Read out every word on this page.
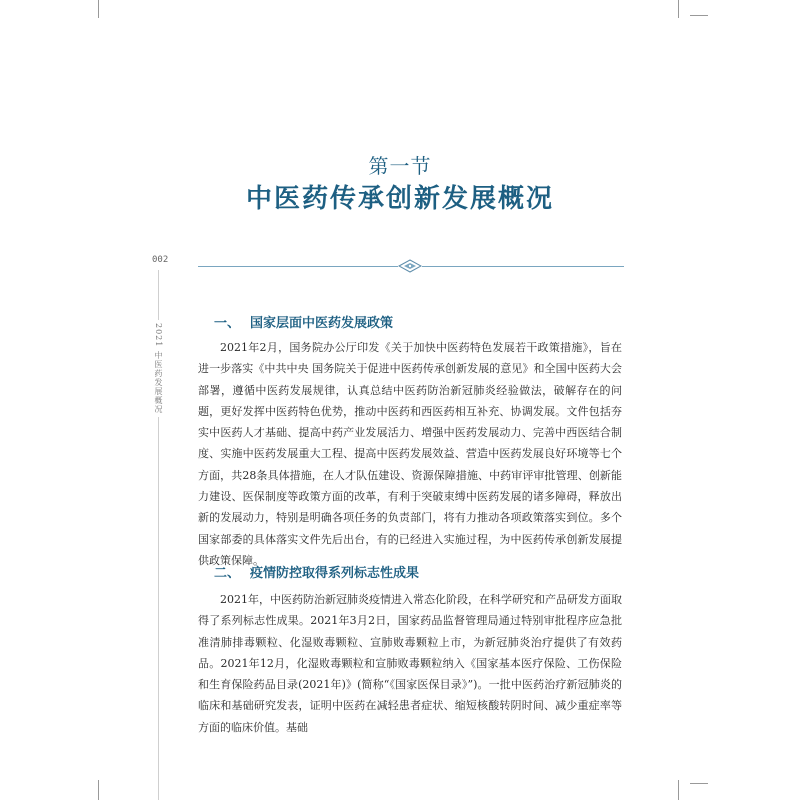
002
2021 中医药发展概况
第一节
中医药传承创新发展概况
一、 国家层面中医药发展政策

2021年2月，国务院办公厅印发《关于加快中医药特色发展若干政策措施》，旨在进一步落实《中共中央 国务院关于促进中医药传承创新发展的意见》和全国中医药大会部署，遵循中医药发展规律，认真总结中医药防治新冠肺炎经验做法，破解存在的问题，更好发挥中医药特色优势，推动中医药和西医药相互补充、协调发展。文件包括夯实中医药人才基础、提高中药产业发展活力、增强中医药发展动力、完善中西医结合制度、实施中医药发展重大工程、提高中医药发展效益、营造中医药发展良好环境等七个方面，共28条具体措施，在人才队伍建设、资源保障措施、中药审评审批管理、创新能力建设、医保制度等政策方面的改革，有利于突破束缚中医药发展的诸多障碍，释放出新的发展动力，特别是明确各项任务的负责部门，将有力推动各项政策落实到位。多个国家部委的具体落实文件先后出台，有的已经进入实施过程，为中医药传承创新发展提供政策保障。

二、 疫情防控取得系列标志性成果

2021年，中医药防治新冠肺炎疫情进入常态化阶段，在科学研究和产品研发方面取得了系列标志性成果。2021年3月2日，国家药品监督管理局通过特别审批程序应急批准清肺排毒颗粒、化湿败毒颗粒、宣肺败毒颗粒上市，为新冠肺炎治疗提供了有效药品。2021年12月，化湿败毒颗粒和宣肺败毒颗粒纳入《国家基本医疗保险、工伤保险和生育保险药品目录(2021年)》(简称“《国家医保目录》”)。一批中医药治疗新冠肺炎的临床和基础研究发表，证明中医药在减轻患者症状、缩短核酸转阴时间、减少重症率等方面的临床价值。基础
